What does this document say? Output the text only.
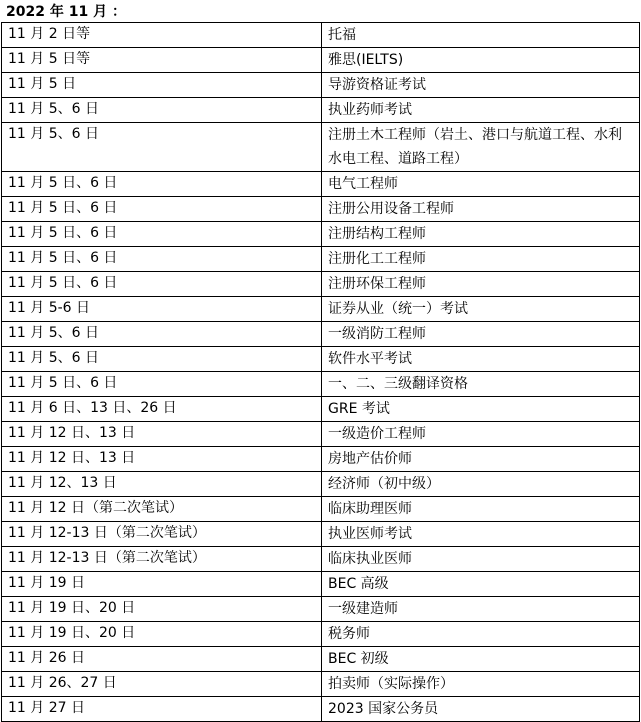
2022 年 11 月 ：
11 月 2 日等	托福
11 月 5 日等	雅思(IELTS)
11 月 5 日	导游资格证考试
11 月 5、6 日	执业药师考试
11 月 5、6 日	注册土木工程师（岩土、港口与航道工程、水利水电工程、道路工程）
11 月 5 日、6 日	电气工程师
11 月 5 日、6 日	注册公用设备工程师
11 月 5 日、6 日	注册结构工程师
11 月 5 日、6 日	注册化工工程师
11 月 5 日、6 日	注册环保工程师
11 月 5-6 日	证券从业（统一）考试
11 月 5、6 日	一级消防工程师
11 月 5、6 日	软件水平考试
11 月 5 日、6 日	一、二、三级翻译资格
11 月 6 日、13 日、26 日	GRE 考试
11 月 12 日、13 日	一级造价工程师
11 月 12 日、13 日	房地产估价师
11 月 12、13 日	经济师（初中级）
11 月 12 日（第二次笔试）	临床助理医师
11 月 12-13 日（第二次笔试）	执业医师考试
11 月 12-13 日（第二次笔试）	临床执业医师
11 月 19 日	BEC 高级
11 月 19 日、20 日	一级建造师
11 月 19 日、20 日	税务师
11 月 26 日	BEC 初级
11 月 26、27 日	拍卖师（实际操作）
11 月 27 日	2023 国家公务员
